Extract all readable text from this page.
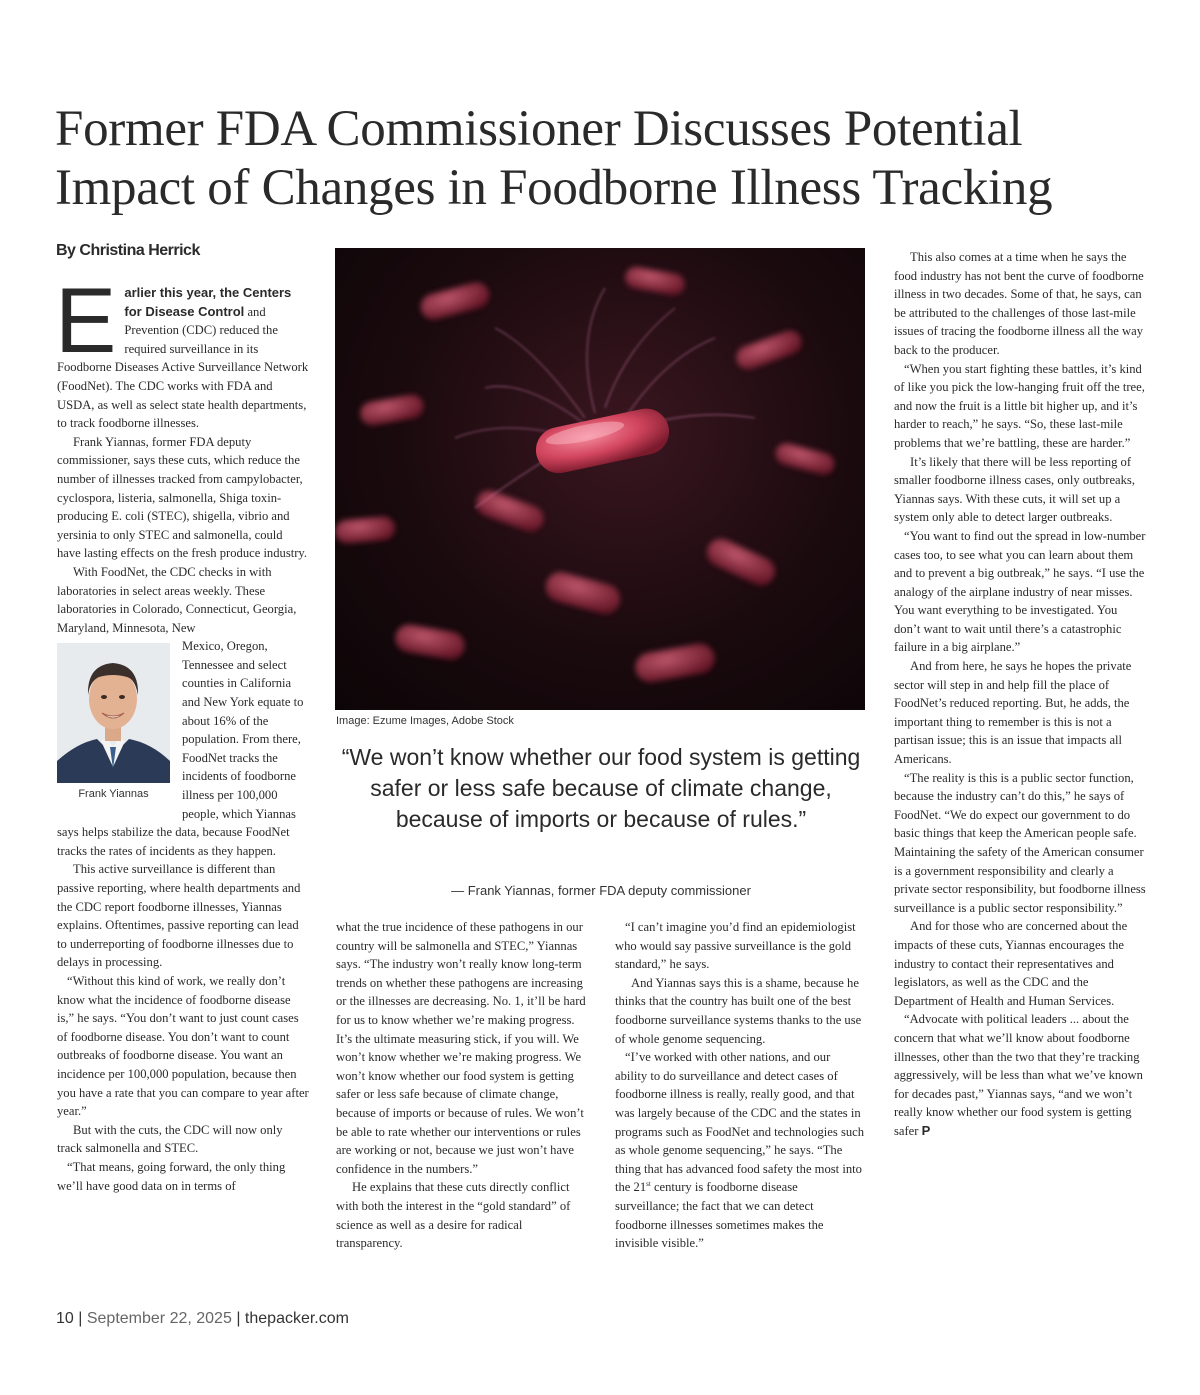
Former FDA Commissioner Discusses Potential
Impact of Changes in Foodborne Illness Tracking
By Christina Herrick

Earlier this year, the Centers for Disease Control and Prevention (CDC) reduced the required surveillance in its Foodborne Diseases Active Surveillance Network (FoodNet). The CDC works with FDA and USDA, as well as select state health departments, to track foodborne illnesses.

Frank Yiannas, former FDA deputy commissioner, says these cuts, which reduce the number of illnesses tracked from campylobacter, cyclospora, listeria, salmonella, Shiga toxin-producing E. coli (STEC), shigella, vibrio and yersinia to only STEC and salmonella, could have lasting effects on the fresh produce industry.

With FoodNet, the CDC checks in with laboratories in select areas weekly. These laboratories in Colorado, Connecticut, Georgia, Maryland, Minnesota, New

Frank Yiannas

Mexico, Oregon, Tennessee and select counties in California and New York equate to about 16% of the population. From there, FoodNet tracks the incidents of foodborne illness per 100,000 people, which Yiannas says helps stabilize the data, because FoodNet tracks the rates of incidents as they happen.

This active surveillance is different than passive reporting, where health departments and the CDC report foodborne illnesses, Yiannas explains. Oftentimes, passive reporting can lead to underreporting of foodborne illnesses due to delays in processing.

“Without this kind of work, we really don’t know what the incidence of foodborne disease is,” he says. “You don’t want to just count cases of foodborne disease. You don’t want to count outbreaks of foodborne disease. You want an incidence per 100,000 population, because then you have a rate that you can compare to year after year.”

But with the cuts, the CDC will now only track salmonella and STEC.

“That means, going forward, the only thing we’ll have good data on in terms of

Image: Ezume Images, Adobe Stock
“We won’t know whether our food system is getting safer or less safe because of climate change, because of imports or because of rules.”
— Frank Yiannas, former FDA deputy commissioner

what the true incidence of these pathogens in our country will be salmonella and STEC,” Yiannas says. “The industry won’t really know long-term trends on whether these pathogens are increasing or the illnesses are decreasing. No. 1, it’ll be hard for us to know whether we’re making progress. It’s the ultimate measuring stick, if you will. We won’t know whether we’re making progress. We won’t know whether our food system is getting safer or less safe because of climate change, because of imports or because of rules. We won’t be able to rate whether our interventions or rules are working or not, because we just won’t have confidence in the numbers.”

He explains that these cuts directly conflict with both the interest in the “gold standard” of science as well as a desire for radical transparency.

“I can’t imagine you’d find an epidemiologist who would say passive surveillance is the gold standard,” he says.

And Yiannas says this is a shame, because he thinks that the country has built one of the best foodborne surveillance systems thanks to the use of whole genome sequencing.

“I’ve worked with other nations, and our ability to do surveillance and detect cases of foodborne illness is really, really good, and that was largely because of the CDC and the states in programs such as FoodNet and technologies such as whole genome sequencing,” he says. “The thing that has advanced food safety the most into the 21st century is foodborne disease surveillance; the fact that we can detect foodborne illnesses sometimes makes the invisible visible.”

This also comes at a time when he says the food industry has not bent the curve of foodborne illness in two decades. Some of that, he says, can be attributed to the challenges of those last-mile issues of tracing the foodborne illness all the way back to the producer.

“When you start fighting these battles, it’s kind of like you pick the low-hanging fruit off the tree, and now the fruit is a little bit higher up, and it’s harder to reach,” he says. “So, these last-mile problems that we’re battling, these are harder.”

It’s likely that there will be less reporting of smaller foodborne illness cases, only outbreaks, Yiannas says. With these cuts, it will set up a system only able to detect larger outbreaks.

“You want to find out the spread in low-number cases too, to see what you can learn about them and to prevent a big outbreak,” he says. “I use the analogy of the airplane industry of near misses. You want everything to be investigated. You don’t want to wait until there’s a catastrophic failure in a big airplane.”

And from here, he says he hopes the private sector will step in and help fill the place of FoodNet’s reduced reporting. But, he adds, the important thing to remember is this is not a partisan issue; this is an issue that impacts all Americans.

“The reality is this is a public sector function, because the industry can’t do this,” he says of FoodNet. “We do expect our government to do basic things that keep the American people safe. Maintaining the safety of the American consumer is a government responsibility and clearly a private sector responsibility, but foodborne illness surveillance is a public sector responsibility.”

And for those who are concerned about the impacts of these cuts, Yiannas encourages the industry to contact their representatives and legislators, as well as the CDC and the Department of Health and Human Services.

“Advocate with political leaders ... about the concern that what we’ll know about foodborne illnesses, other than the two that they’re tracking aggressively, will be less than what we’ve known for decades past,” Yiannas says, “and we won’t really know whether our food system is getting safer P

10 | September 22, 2025 | thepacker.com
